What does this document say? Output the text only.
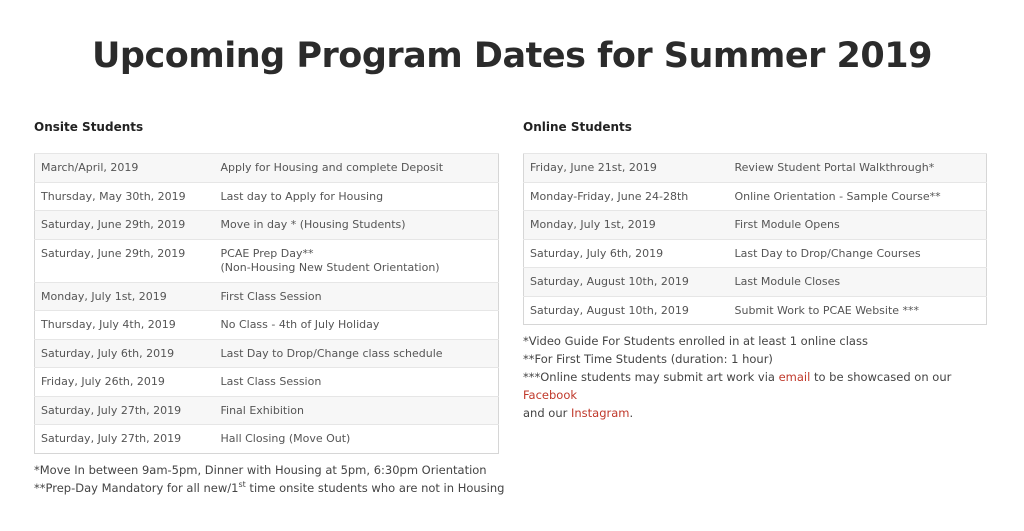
Upcoming Program Dates for Summer 2019
Onsite Students	Online Students
March/April, 2019	Apply for Housing and complete Deposit
Thursday, May 30th, 2019	Last day to Apply for Housing
Saturday, June 29th, 2019	Move in day * (Housing Students)
Saturday, June 29th, 2019	PCAE Prep Day**
(Non-Housing New Student Orientation)

Monday, July 1st, 2019	First Class Session
Thursday, July 4th, 2019	No Class - 4th of July Holiday
Saturday, July 6th, 2019	Last Day to Drop/Change class schedule
Friday, July 26th, 2019	Last Class Session
Saturday, July 27th, 2019	Final Exhibition
Saturday, July 27th, 2019	Hall Closing (Move Out)
Friday, June 21st, 2019	Review Student Portal Walkthrough*
Monday-Friday, June 24-28th	Online Orientation - Sample Course**
Monday, July 1st, 2019	First Module Opens
Saturday, July 6th, 2019	Last Day to Drop/Change Courses
Saturday, August 10th, 2019	Last Module Closes
Saturday, August 10th, 2019	Submit Work to PCAE Website ***
*Video Guide For Students enrolled in at least 1 online class
**For First Time Students (duration: 1 hour)
***Online students may submit art work via email to be showcased on our Facebook
and our Instagram.
*Move In between 9am-5pm, Dinner with Housing at 5pm, 6:30pm Orientation
**Prep-Day Mandatory for all new/1st time onsite students who are not in Housing
